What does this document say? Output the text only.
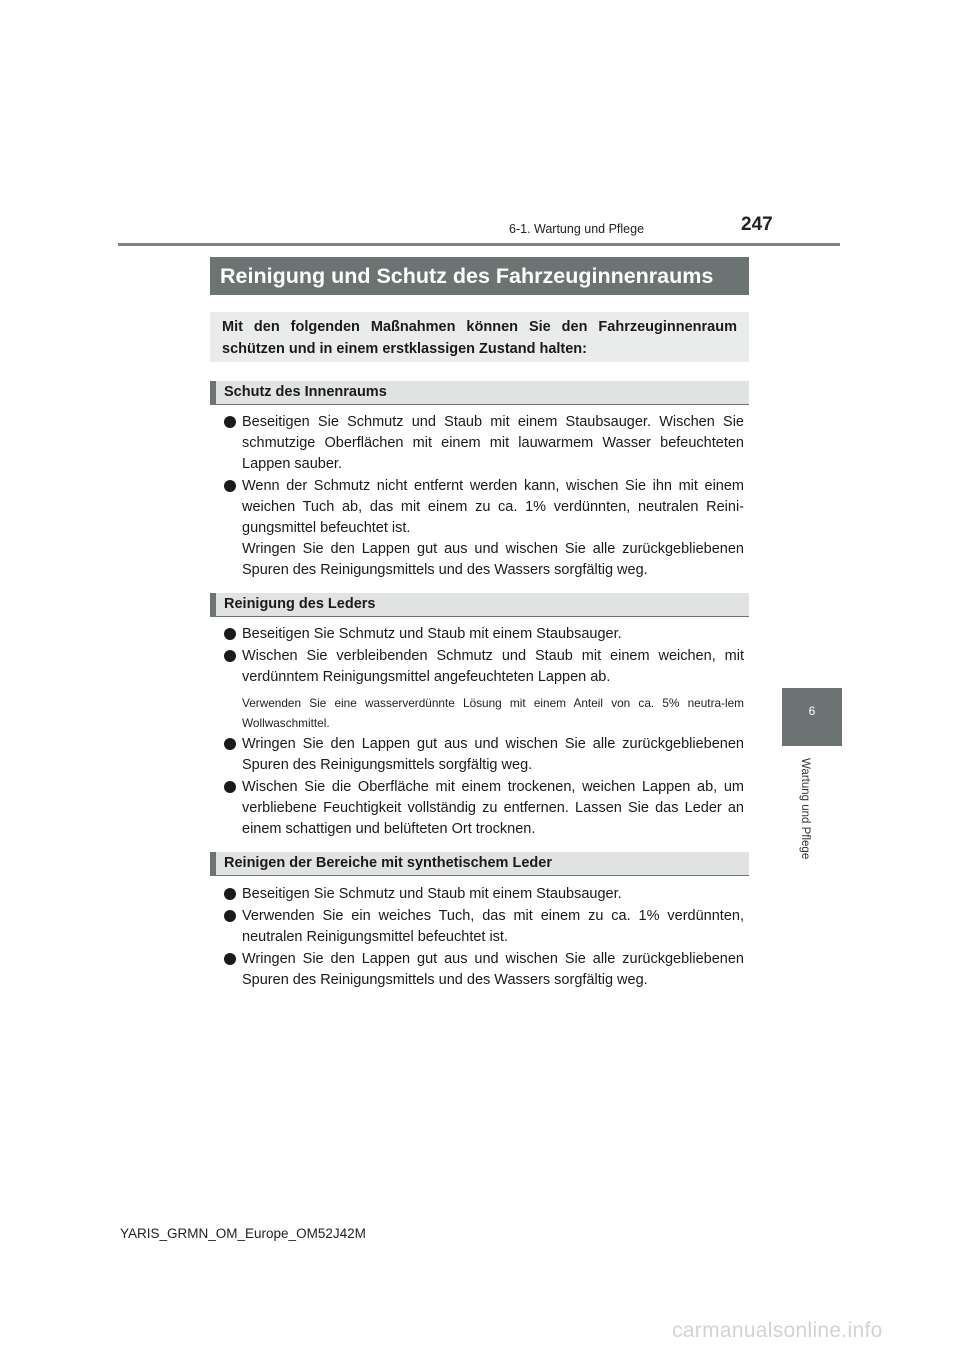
6-1. Wartung und Pflege	247
6
Wartung und Pflege
Reinigung und Schutz des Fahrzeuginnenraums
Mit den folgenden Maßnahmen können Sie den Fahrzeuginnenraum schützen und in einem erstklassigen Zustand halten:
Schutz des Innenraums
Beseitigen Sie Schmutz und Staub mit einem Staubsauger. Wischen Sie schmutzige Oberflächen mit einem mit lauwarmem Wasser befeuchteten Lappen sauber.
Wenn der Schmutz nicht entfernt werden kann, wischen Sie ihn mit einem weichen Tuch ab, das mit einem zu ca. 1% verdünnten, neutralen Reini-gungsmittel befeuchtet ist.
Wringen Sie den Lappen gut aus und wischen Sie alle zurückgebliebenen Spuren des Reinigungsmittels und des Wassers sorgfältig weg.
Reinigung des Leders
Beseitigen Sie Schmutz und Staub mit einem Staubsauger.
Wischen Sie verbleibenden Schmutz und Staub mit einem weichen, mit verdünntem Reinigungsmittel angefeuchteten Lappen ab.
Verwenden Sie eine wasserverdünnte Lösung mit einem Anteil von ca. 5% neutra-lem Wollwaschmittel.
Wringen Sie den Lappen gut aus und wischen Sie alle zurückgebliebenen Spuren des Reinigungsmittels sorgfältig weg.
Wischen Sie die Oberfläche mit einem trockenen, weichen Lappen ab, um verbliebene Feuchtigkeit vollständig zu entfernen. Lassen Sie das Leder an einem schattigen und belüfteten Ort trocknen.
Reinigen der Bereiche mit synthetischem Leder
Beseitigen Sie Schmutz und Staub mit einem Staubsauger.
Verwenden Sie ein weiches Tuch, das mit einem zu ca. 1% verdünnten, neutralen Reinigungsmittel befeuchtet ist.
Wringen Sie den Lappen gut aus und wischen Sie alle zurückgebliebenen Spuren des Reinigungsmittels und des Wassers sorgfältig weg.
YARIS_GRMN_OM_Europe_OM52J42M
carmanualsonline.info
